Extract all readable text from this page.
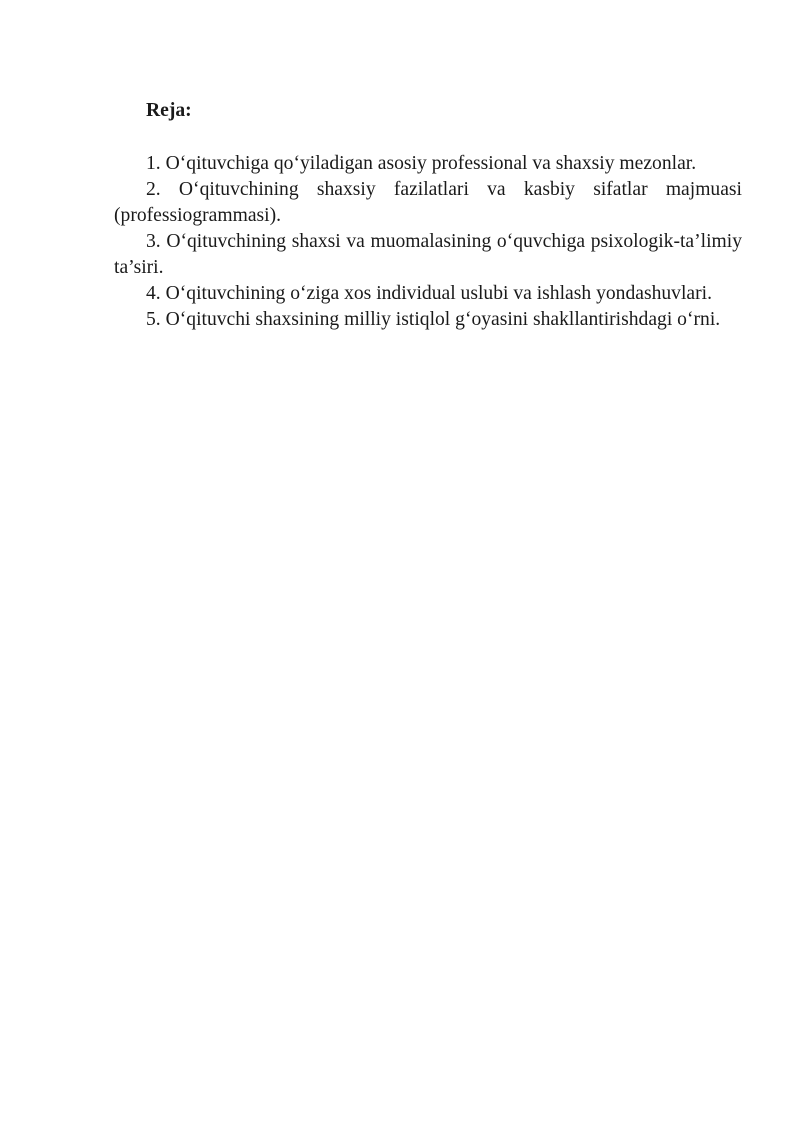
Reja:
1. O‘qituvchiga qo‘yiladigan asosiy professional va shaxsiy mezonlar.
2. O‘qituvchining shaxsiy fazilatlari va kasbiy sifatlar majmuasi (professiogrammasi).
3. O‘qituvchining shaxsi va muomalasining o‘quvchiga psixologik-ta’limiy ta’siri.
4. O‘qituvchining o‘ziga xos individual uslubi va ishlash yondashuvlari.
5. O‘qituvchi shaxsining milliy istiqlol g‘oyasini shakllantirishdagi o‘rni.
